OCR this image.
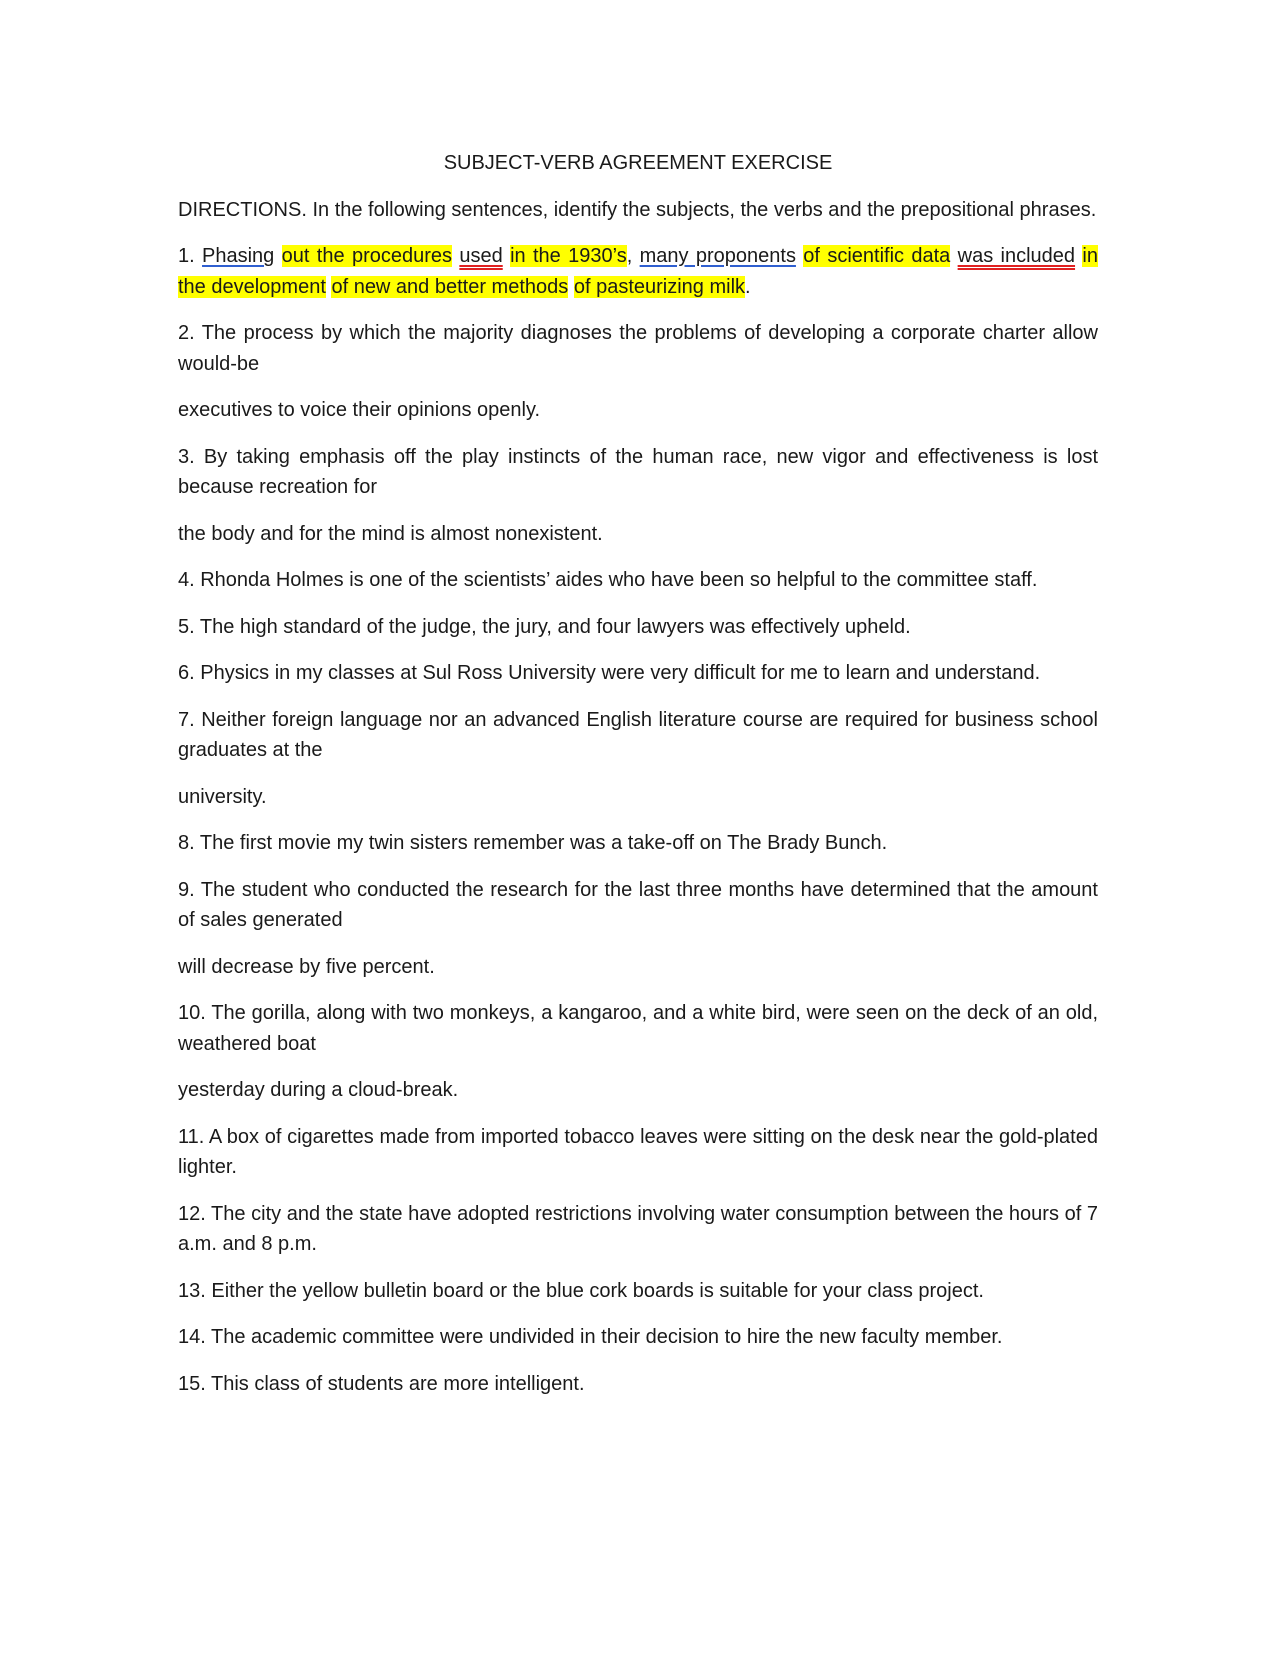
SUBJECT-VERB AGREEMENT EXERCISE

DIRECTIONS. In the following sentences, identify the subjects, the verbs and the prepositional phrases.

1. Phasing out the procedures used in the 1930’s, many proponents of scientific data was included in the development of new and better methods of pasteurizing milk.

2. The process by which the majority diagnoses the problems of developing a corporate charter allow would-be

executives to voice their opinions openly.

3. By taking emphasis off the play instincts of the human race, new vigor and effectiveness is lost because recreation for

the body and for the mind is almost nonexistent.

4. Rhonda Holmes is one of the scientists’ aides who have been so helpful to the committee staff.

5. The high standard of the judge, the jury, and four lawyers was effectively upheld.

6. Physics in my classes at Sul Ross University were very difficult for me to learn and understand.

7. Neither foreign language nor an advanced English literature course are required for business school graduates at the

university.

8. The first movie my twin sisters remember was a take-off on The Brady Bunch.

9. The student who conducted the research for the last three months have determined that the amount of sales generated

will decrease by five percent.

10. The gorilla, along with two monkeys, a kangaroo, and a white bird, were seen on the deck of an old, weathered boat

yesterday during a cloud-break.

11. A box of cigarettes made from imported tobacco leaves were sitting on the desk near the gold-plated lighter.

12. The city and the state have adopted restrictions involving water consumption between the hours of 7 a.m. and 8 p.m.

13. Either the yellow bulletin board or the blue cork boards is suitable for your class project.

14. The academic committee were undivided in their decision to hire the new faculty member.

15. This class of students are more intelligent.
